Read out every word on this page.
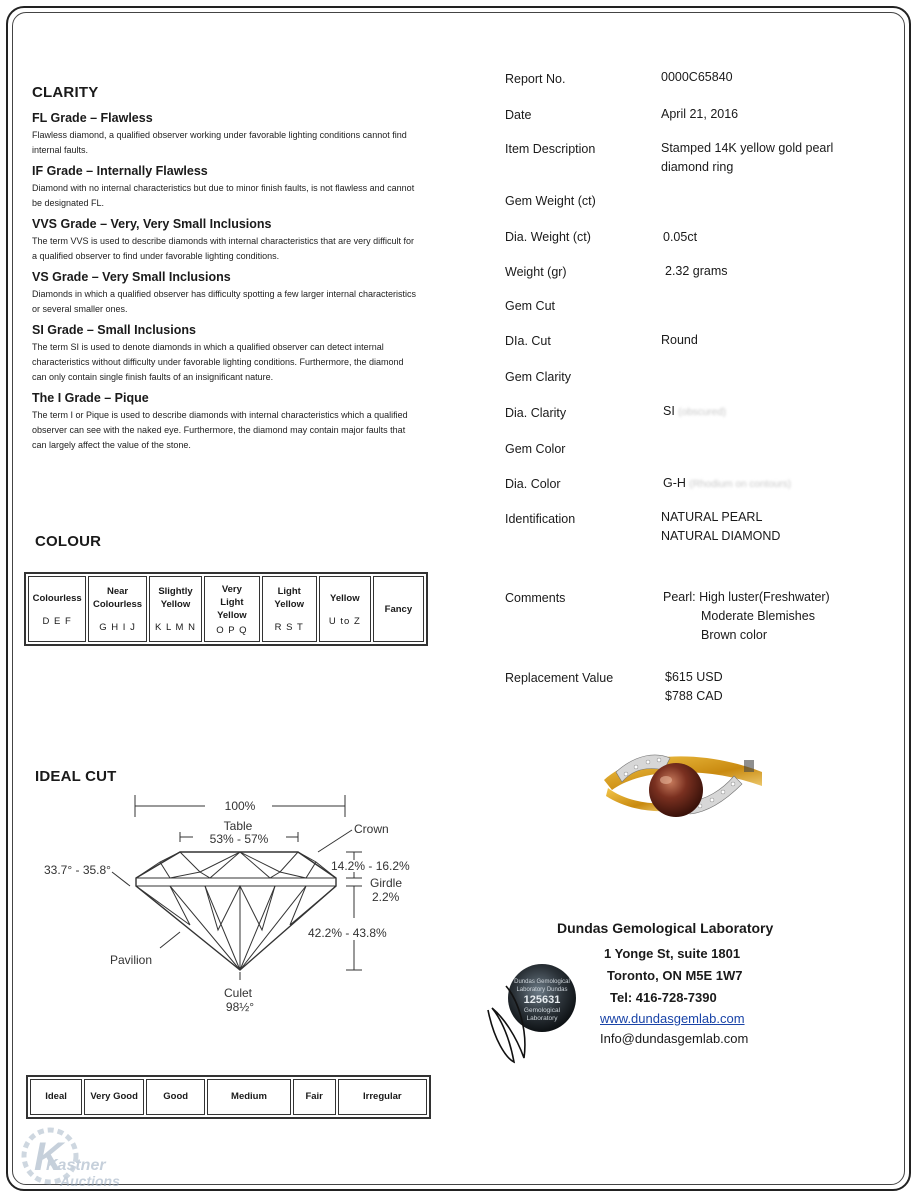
CLARITY
FL Grade – Flawless
Flawless diamond, a qualified observer working under favorable lighting conditions cannot find internal faults.
IF Grade – Internally Flawless
Diamond with no internal characteristics but due to minor finish faults, is not flawless and cannot be designated FL.
VVS Grade – Very, Very Small Inclusions
The term VVS is used to describe diamonds with internal characteristics that are very difficult for a qualified observer to find under favorable lighting conditions.
VS Grade – Very Small Inclusions
Diamonds in which a qualified observer has difficulty spotting a few larger internal characteristics or several smaller ones.
SI Grade – Small Inclusions
The term SI is used to denote diamonds in which a qualified observer can detect internal characteristics without difficulty under favorable lighting conditions. Furthermore, the diamond can only contain single finish faults of an insignificant nature.
The I Grade – Pique
The term I or Pique is used to describe diamonds with internal characteristics which a qualified observer can see with the naked eye. Furthermore, the diamond may contain major faults that can largely affect the value of the stone.
Report No.	0000C65840
Date	April 21, 2016
Item Description	Stamped 14K yellow gold pearl diamond ring
Gem Weight (ct)
Dia. Weight (ct)	0.05ct
Weight (gr)	2.32 grams
Gem Cut
DIa. Cut	Round
Gem Clarity
Dia. Clarity	SI (obscured)
Gem Color
Dia. Color	G-H (Rhodium on contours)
Identification	NATURAL PEARL
NATURAL DIAMOND
Comments	Pearl: High luster(Freshwater)
Moderate Blemishes
Brown color
Replacement Value	$615 USD
$788 CAD
COLOUR
Colourless
D E F

Near Colourless
G H I J

Slightly Yellow
K L M N

Very Light Yellow
O P Q

Light Yellow
R S T

Yellow
U to Z

Fancy
IDEAL CUT
100%
Table
53% - 57%
Crown
33.7° - 35.8°	14.2% - 16.2%
Girdle
2.2%
42.2% - 43.8%
Pavilion
Culet
98½°
Ideal	Very Good	Good	Medium	Fair	Irregular
Dundas Gemological Laboratory
1 Yonge St, suite 1801
Toronto, ON M5E 1W7
Tel: 416-728-7390
www.dundasgemlab.com
Info@dundasgemlab.com
Dundas Gemological
Laboratory Dundas
125631
Gemological
Laboratory
K
Kastner
Auctions
